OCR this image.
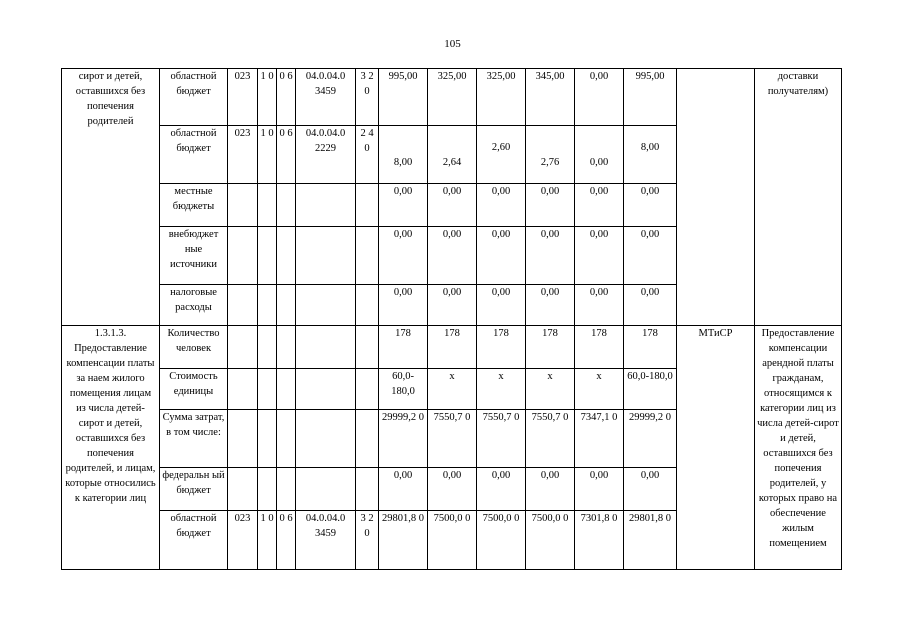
105
сирот и детей, оставшихся без попечения родителей	областной бюджет	023	1 0	0 6	04.0.04.0 3459	3 2 0	995,00	325,00	325,00	345,00	0,00	995,00		доставки получателям)
	областной бюджет	023	1 0	0 6	04.0.04.0 2229	2 4 0	8,00	2,64	2,60	2,76	0,00	8,00		

	местные бюджеты						0,00	0,00	0,00	0,00	0,00	0,00		
	внебюджет ные источники						0,00	0,00	0,00	0,00	0,00	0,00		
	налоговые расходы						0,00	0,00	0,00	0,00	0,00	0,00		
1.3.1.3. Предоставление компенсации платы за наем жилого помещения лицам из числа детей-сирот и детей, оставшихся без попечения родителей, и лицам, которые относились к категории лиц	Количество человек						178	178	178	178	178	178	МТиСР	Предоставление компенсации арендной платы гражданам, относящимся к категории лиц из числа детей-сирот и детей, оставшихся без попечения родителей, у которых право на обеспечение жилым помещением
	Стоимость единицы						60,0-180,0	х	х	х	х	60,0-180,0		
	Сумма затрат, в том числе:						29999,2 0	7550,7 0	7550,7 0	7550,7 0	7347,1 0	29999,2 0		
	федеральн ый бюджет						0,00	0,00	0,00	0,00	0,00	0,00		
	областной бюджет	023	1 0	0 6	04.0.04.0 3459	3 2 0	29801,8 0	7500,0 0	7500,0 0	7500,0 0	7301,8 0	29801,8 0		
